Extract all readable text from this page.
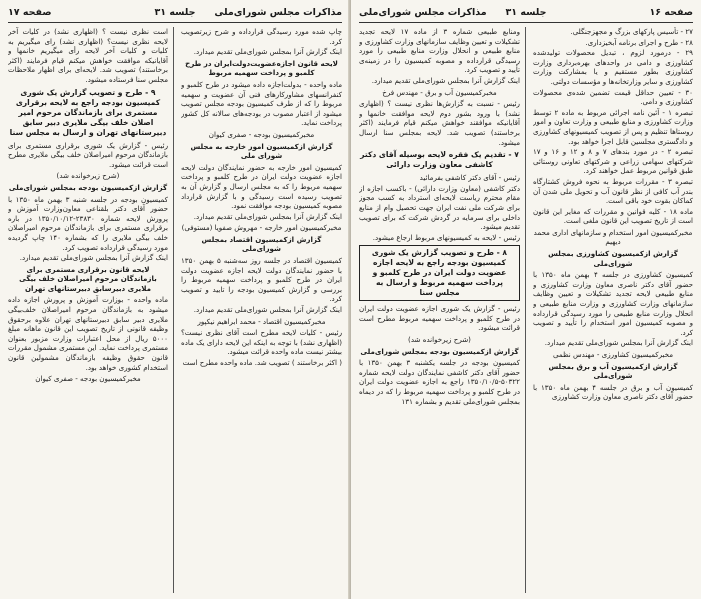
مذاکرات مجلس شورای‌ملی
جلسه ۳۱
صفحه ۱۷

چاپ شده مورد رسیدگی قرارداده و شرح زیرتصویب کرد.

اینک گزارش آنرا بمجلس شورای‌ملی تقدیم میدارد.

لایحه قانون اجازه‌عضویت‌دولت‌ایران در طرح کلمبو و پرداخت سهمیه مربوط

ماده واحده - بدولت‌اجازه داده میشود در طرح کلمبو و کنفرانسهای مشاورکارهای فنی آن عضویت و سهمیه مربوط را که از طرف کمیسیون بودجه مجلس تصویب میشود از اعتبار مصوب در بودجه‌های سالانه کل کشور پرداخت نماید.

مخبرکمیسیون بودجه - صفری کیوان

گزارش ازکمیسیون امور خارجه به مجلس شورای ملی

کمیسیون امور خارجه به حضور نمایندگان دولت لایحه اجازه عضویت دولت ایران در طرح کلمبو و پرداخت سهمیه مربوط را که به مجلس ارسال و گزارش آن به تصویب رسیده است رسیدگی و با گزارش قرارداد مصوبه کمیسیون بودجه موافقت نمود.

اینک گزارش آنرا بمجلس شورای‌ملی تقدیم میدارد.

مخبرکمیسیون امور خارجه - مهروش صفویا (مستوفی)

گزارش ازکمیسیون اقتصاد بمجلس شورای‌ملی

کمیسیون اقتصاد در جلسه روز سه‌شنبه ۵ بهمن ۱۳۵۰ با حضور نمایندگان دولت لایحه اجازه عضویت دولت ایران در طرح کلمبو و پرداخت سهمیه مربوط را بررسی و گزارش کمیسیون بودجه را تایید و تصویب کرد.

اینک گزارش آنرا بمجلس شورای‌ملی تقدیم میدارد.

مخبرکمیسیون اقتصاد - محمد ابراهیم نیکپور

رئیس - کلیات لایحه مطرح است آقای نظری نیست؟ (اظهاری نشد) با توجه به اینکه این لایحه دارای یک ماده بیشتر نیست ماده واحده قرائت میشود.

( اکثر برخاستند ) تصویب شد. ماده واحده مطرح است

است نظری نیست ؟ (اظهاری نشد) در کلیات آخر لایحه نظری نیست؟ (اظهاری نشد) رای میگیریم به کلیات و کلیات آخر لایحه رأی میگیریم خانمها و آقایانیکه موافقت خواهش میکنم قیام فرمایند (اکثر برخاستند) تصویب شد. لایحه‌ای برای اظهار ملاحظات مجلس سنا فرستاده میشود.

۹ - طرح و تصویب گزارش یک شوری کمیسیون بودجه راجع به لایحه برقراری مستمری برای بازماندگان مرحوم امیر اصلان خلف بیگی ملایری دبیر سابق دبیرستانهای تهران و ارسال به مجلس سنا

رئیس - گزارش یک شوری برقراری مستمری برای بازماندگان مرحوم امیراصلان خلف بیگی ملایری مطرح است قرائت میشود.

(شرح زیرخوانده شد)

گزارش ازکمیسیون بودجه بمجلس شورای‌ملی

کمیسیون بودجه در جلسه شنبه ۳ بهمن ماه ۱۳۵۰ با حضور آقای دکتر بلقناعی معاون‌وزارت آموزش و پرورش لایحه شماره ۲۳۸۳۰-۱۳۵۰/۱۰/۱۲ در باره برقراری مستمری برای بازماندگان مرحوم امیراصلان خلف بیگی ملایری را که بشماره ۱۴۰ چاپ گردیده مورد رسیدگی قرارداده تصویب کرد.

اینک گزارش آنرا بمجلس شورای‌ملی تقدیم میدارد.

لایحه قانون برقراری مستمری برای بازماندگان مرحوم امیراصلان خلف بیگی ملایری دبیرسابق دبیرستانهای تهران

ماده واحده - بوزارت آموزش و پرورش اجازه داده میشود به بازماندگان مرحوم امیراصلان خلف‌بیگی ملایری دبیر سابق دبیرستانهای تهران علاوه برحقوق وظیفه قانونی از تاریخ تصویب این قانون ماهانه مبلغ ۵۰۰۰ ریال از محل اعتبارات وزارت مزبور بعنوان مستمری پرداخت نماید. این مستمری مشمول مقررات قانون حقوق وظیفه بازماندگان مشمولین قانون استخدام کشوری خواهد بود.

مخبرکمیسیون بودجه - صفری کیوان

صفحه ۱۶
جلسه ۳۱
مذاکرات مجلس شورای‌ملی

۲۷ - تأسیس پارکهای بزرگ و مجهزجنگلی.

۲۸ - طرح و اجرای برنامه آبخیزداری.

۲۹ - درمورد لزوم ، تبدیل محصولات تولیدشده کشاورزی و دامی در واحدهای بهره‌برداری وزارت کشاورزی بطور مستقیم و یا بمشارکت وزارت کشاورزی و سایر وزارتخانه‌ها و مؤسسات دولتی.

۳۰ - تعیین حداقل قیمت تضمین شده‌ی محصولات کشاورزی و دامی.

تبصره ۱ - آئین نامه اجرائی مربوط به ماده ۲ توسط وزارت کشاورزی و منابع طبیعی و وزارت تعاون و امور روستاها تنظیم و پس از تصویب کمیسیونهای کشاورزی و دادگستری مجلسین قابل اجرا خواهد بود.

تبصره ۲ - در مورد بندهای ۷ و ۸ و ۱۲ و ۱۶ و ۱۷ شرکتهای سهامی زراعی و شرکتهای تعاونی روستائی طبق قوانین مربوط عمل خواهند کرد.

تبصره ۳ - مقررات مربوط به نحوه فروش کشتارگاه بندر آب کافی از نظر قانون آب و تحویل ملی شدن آن کماکان بقوت خود باقی است.

ماده ۱۸ - کلیه قوانین و مقررات که مغایر این قانون است از تاریخ تصویب این قانون ملغی است.

مخبرکمیسیون امور استخدام و سازمانهای اداری محمد دیهیم

گزارش ازکمیسیون کشاورزی بمجلس شورای‌ملی

کمیسیون کشاورزی در جلسه ۴ بهمن ماه ۱۳۵۰ با حضور آقای دکتر ناصری معاون وزارت کشاورزی و منابع طبیعی لایحه تجدید تشکیلات و تعیین وظایف سازمانهای وزارت کشاورزی و وزارت منابع طبیعی و انحلال وزارت منابع طبیعی را مورد رسیدگی قرارداده و مصوبه کمیسیون امور استخدام را تأیید و تصویب کرد.

اینک گزارش آنرا بمجلس شورای‌ملی تقدیم میدارد.

مخبرکمیسیون کشاورزی - مهندس نظمی

گزارش ازکمیسیون آب و برق بمجلس شورای‌ملی

کمیسیون آب و برق در جلسه ۴ بهمن ماه ۱۳۵۰ با حضور آقای دکتر ناصری معاون وزارت کشاورزی

ومنابع طبیعی شماره ۳ از ماده ۱۷ لایحه تجدید تشکیلات و تعیین وظایف سازمانهای وزارت کشاورزی و منابع طبیعی و انحلال وزارت منابع طبیعی را مورد رسیدگی قرارداده و مصوبه کمیسیون را در زمینه‌ی تأیید و تصویب کرد.

اینک گزارش آنرا بمجلس شورای‌ملی تقدیم میدارد.

مخبرکمیسیون آب و برق - مهندس فرخ

رئیس - نسبت به گزارش‌ها نظری نیست ؟ (اظهاری نشد) با ورود بشور دوم لایحه موافقت خانمها و آقایانیکه موافقند خواهش میکنم قیام فرمایند (اکثر برخاستند) تصویب شد. لایحه بمجلس سنا ارسال میشود.

۷ - تقدیم یک فقره لایحه بوسیله آقای دکتر کاشفی معاون وزارت دارائی

رئیس - آقای دکتر کاشفی بفرمائید

دکتر کاشفی (معاون وزارت دارائی) - باکسب اجازه از مقام محترم ریاست لایحه‌ای استرداد به کسب مجوز برای شرکت ملی نفت ایران جهت تحصیل وام از منابع داخلی برای سرمایه در گردش شرکت که برای تصویب تقدیم میشود.

رئیس - لایحه به کمیسیونهای مربوط ارجاع میشود.

۸ - طرح و تصویب گزارش یک شوری کمیسیون بودجه راجع به لایحه اجازه عضویت دولت ایران در طرح کلمبو و پرداخت سهمیه مربوط و ارسال به مجلس سنا

رئیس - گزارش یک شوری اجازه عضویت دولت ایران در طرح کلمبو و پرداخت سهمیه مربوط مطرح است قرائت میشود.

(شرح زیرخوانده شد)

گزارش ازکمیسیون بودجه بمجلس شورای‌ملی

کمیسیون بودجه در جلسه یکشنبه ۳ بهمن ۱۳۵۰ با حضور آقای دکتر کاشفی نمایندگان دولت لایحه شماره ۵۰۳۲۲-۱۳۵۰/۱۰/۵ راجع به اجازه عضویت دولت ایران در طرح کلمبو و پرداخت سهمیه مربوط را که در دیماه بمجلس شورای‌ملی تقدیم و بشماره ۱۳۱
